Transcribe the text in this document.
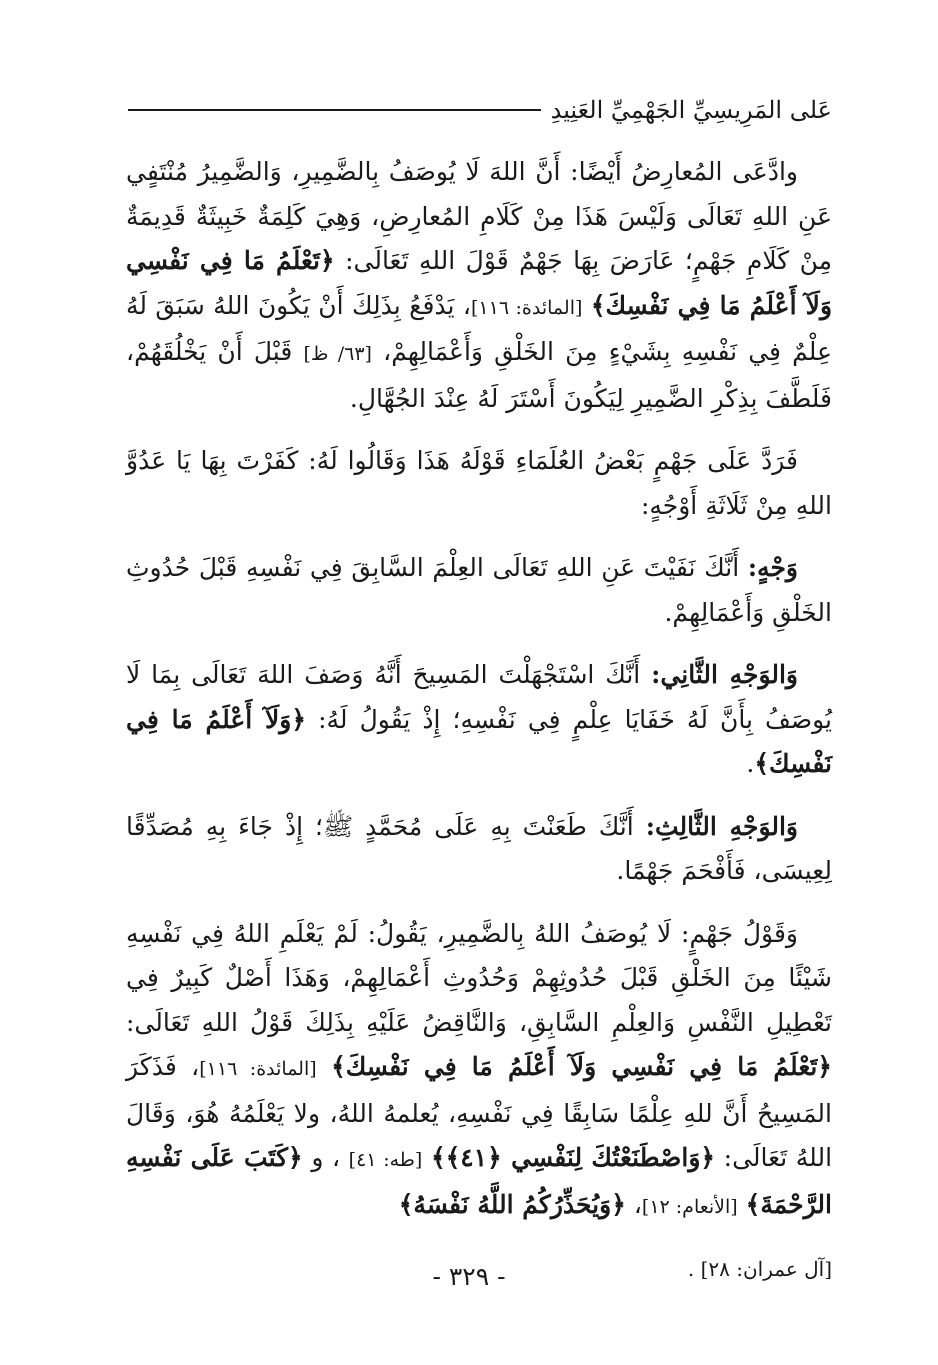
عَلى المَرِيسِيِّ الجَهْمِيِّ العَنِيدِ

وادَّعَى المُعارِضُ أَيْضًا: أَنَّ اللهَ لَا يُوصَفُ بِالضَّمِيرِ، وَالضَّمِيرُ مُنْتَفٍي عَنِ اللهِ تَعَالَى وَلَيْسَ هَذَا مِنْ كَلَامِ المُعارِضِ، وَهِيَ كَلِمَةٌ خَبِيثَةٌ قَدِيمَةٌ مِنْ كَلَامِ جَهْمٍ؛ عَارَضَ بِهَا جَهْمٌ قَوْلَ اللهِ تَعَالَى: ﴿تَعْلَمُ مَا فِي نَفْسِي وَلَآ أَعْلَمُ مَا فِي نَفْسِكَ﴾ [المائدة: ١١٦]، يَدْفَعُ بِذَلِكَ أَنْ يَكُونَ اللهُ سَبَقَ لَهُ عِلْمٌ فِي نَفْسِهِ بِشَيْءٍ مِنَ الخَلْقِ وَأَعْمَالِهِمْ، [٦٣/ ظ] قَبْلَ أَنْ يَخْلُقَهُمْ، فَلَطَّفَ بِذِكْرِ الضَّمِيرِ لِيَكُونَ أَسْتَرَ لَهُ عِنْدَ الجُهَّالِ.

فَرَدَّ عَلَى جَهْمٍ بَعْضُ العُلَمَاءِ قَوْلَهُ هَذَا وَقَالُوا لَهُ: كَفَرْتَ بِهَا يَا عَدُوَّ اللهِ مِنْ ثَلَاثَةِ أَوْجُهٍ:

وَجْهٍ: أَنَّكَ نَفَيْتَ عَنِ اللهِ تَعَالَى العِلْمَ السَّابِقَ فِي نَفْسِهِ قَبْلَ حُدُوثِ الخَلْقِ وَأَعْمَالِهِمْ.

وَالوَجْهِ الثَّانِي: أَنَّكَ اسْتَجْهَلْتَ المَسِيحَ أَنَّهُ وَصَفَ اللهَ تَعَالَى بِمَا لَا يُوصَفُ بِأَنَّ لَهُ خَفَايَا عِلْمٍ فِي نَفْسِهِ؛ إِذْ يَقُولُ لَهُ: ﴿وَلَآ أَعْلَمُ مَا فِي نَفْسِكَ﴾.

وَالوَجْهِ الثَّالِثِ: أَنَّكَ طَعَنْتَ بِهِ عَلَى مُحَمَّدٍ ﷺ؛ إِذْ جَاءَ بِهِ مُصَدِّقًا لِعِيسَى، فَأَفْحَمَ جَهْمًا.

وَقَوْلُ جَهْمٍ: لَا يُوصَفُ اللهُ بِالضَّمِيرِ، يَقُولُ: لَمْ يَعْلَمِ اللهُ فِي نَفْسِهِ شَيْئًا مِنَ الخَلْقِ قَبْلَ حُدُوثِهِمْ وَحُدُوثِ أَعْمَالِهِمْ، وَهَذَا أَصْلٌ كَبِيرٌ فِي تَعْطِيلِ النَّفْسِ وَالعِلْمِ السَّابِقِ، وَالنَّاقِضُ عَلَيْهِ بِذَلِكَ قَوْلُ اللهِ تَعَالَى: ﴿تَعْلَمُ مَا فِي نَفْسِي وَلَآ أَعْلَمُ مَا فِي نَفْسِكَ﴾ [المائدة: ١١٦]، فَذَكَرَ المَسِيحُ أَنَّ للهِ عِلْمًا سَابِقًا فِي نَفْسِهِ، يُعلمهُ اللهُ، ولا يَعْلَمُهُ هُوَ، وَقَالَ اللهُ تَعَالَى: ﴿وَاصْطَنَعْتُكَ لِنَفْسِي ﴿٤١﴾﴾ [طه: ٤١] ، و ﴿كَتَبَ عَلَى نَفْسِهِ الرَّحْمَةَ﴾ [الأنعام: ١٢]، ﴿وَيُحَذِّرُكُمُ اللَّهُ نَفْسَهُ﴾

[آل عمران: ٢٨] .

- ٣٢٩ -
